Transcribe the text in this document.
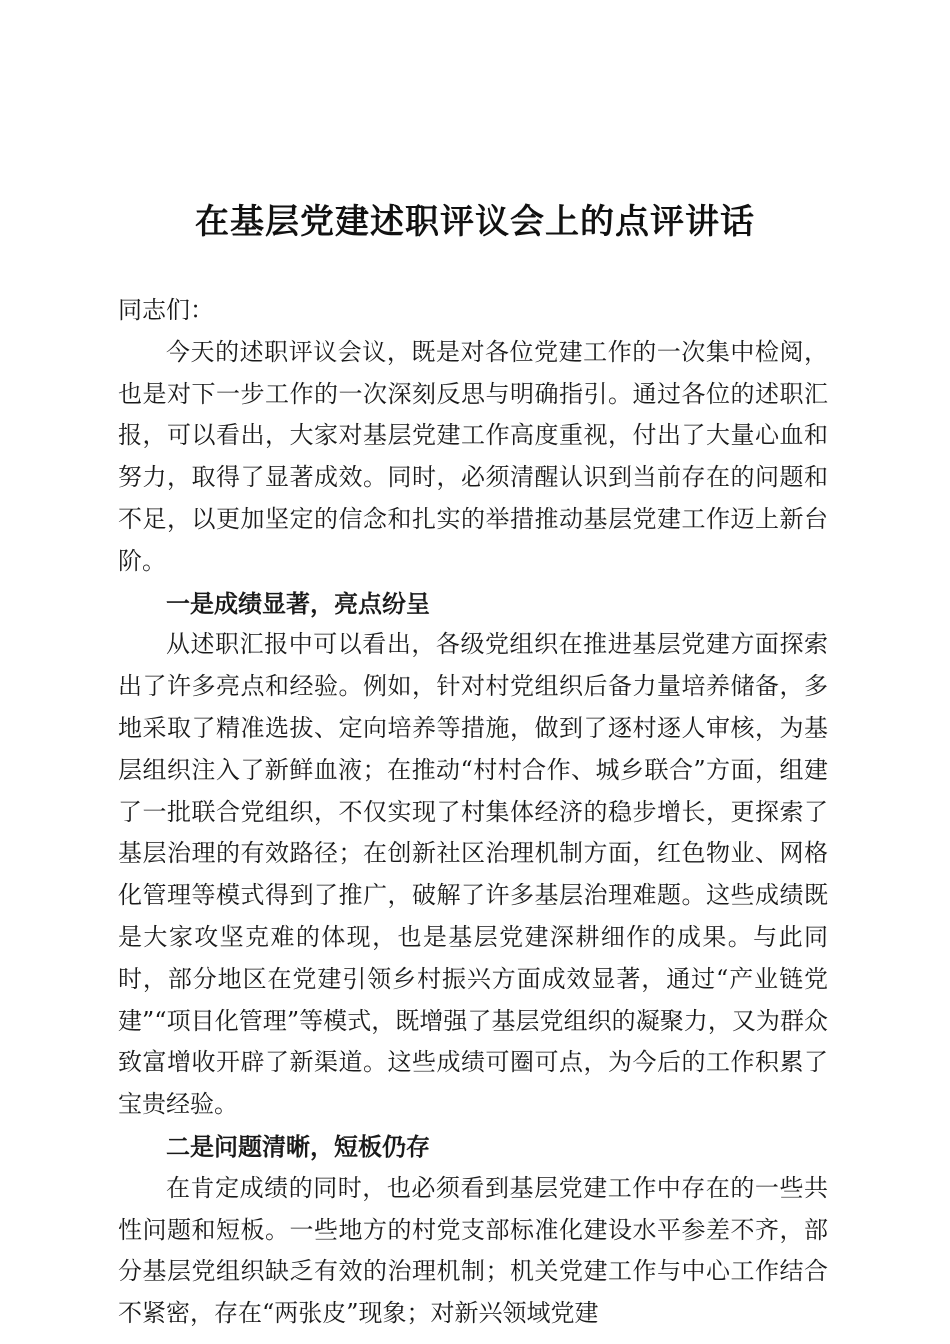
在基层党建述职评议会上的点评讲话

同志们：

今天的述职评议会议，既是对各位党建工作的一次集中检阅，也是对下一步工作的一次深刻反思与明确指引。通过各位的述职汇报，可以看出，大家对基层党建工作高度重视，付出了大量心血和努力，取得了显著成效。同时，必须清醒认识到当前存在的问题和不足，以更加坚定的信念和扎实的举措推动基层党建工作迈上新台阶。

一是成绩显著，亮点纷呈

从述职汇报中可以看出，各级党组织在推进基层党建方面探索出了许多亮点和经验。例如，针对村党组织后备力量培养储备，多地采取了精准选拔、定向培养等措施，做到了逐村逐人审核，为基层组织注入了新鲜血液；在推动“村村合作、城乡联合”方面，组建了一批联合党组织，不仅实现了村集体经济的稳步增长，更探索了基层治理的有效路径；在创新社区治理机制方面，红色物业、网格化管理等模式得到了推广，破解了许多基层治理难题。这些成绩既是大家攻坚克难的体现，也是基层党建深耕细作的成果。与此同时，部分地区在党建引领乡村振兴方面成效显著，通过“产业链党建”“项目化管理”等模式，既增强了基层党组织的凝聚力，又为群众致富增收开辟了新渠道。这些成绩可圈可点，为今后的工作积累了宝贵经验。

二是问题清晰，短板仍存

在肯定成绩的同时，也必须看到基层党建工作中存在的一些共性问题和短板。一些地方的村党支部标准化建设水平参差不齐，部分基层党组织缺乏有效的治理机制；机关党建工作与中心工作结合不紧密，存在“两张皮”现象；对新兴领域党建
